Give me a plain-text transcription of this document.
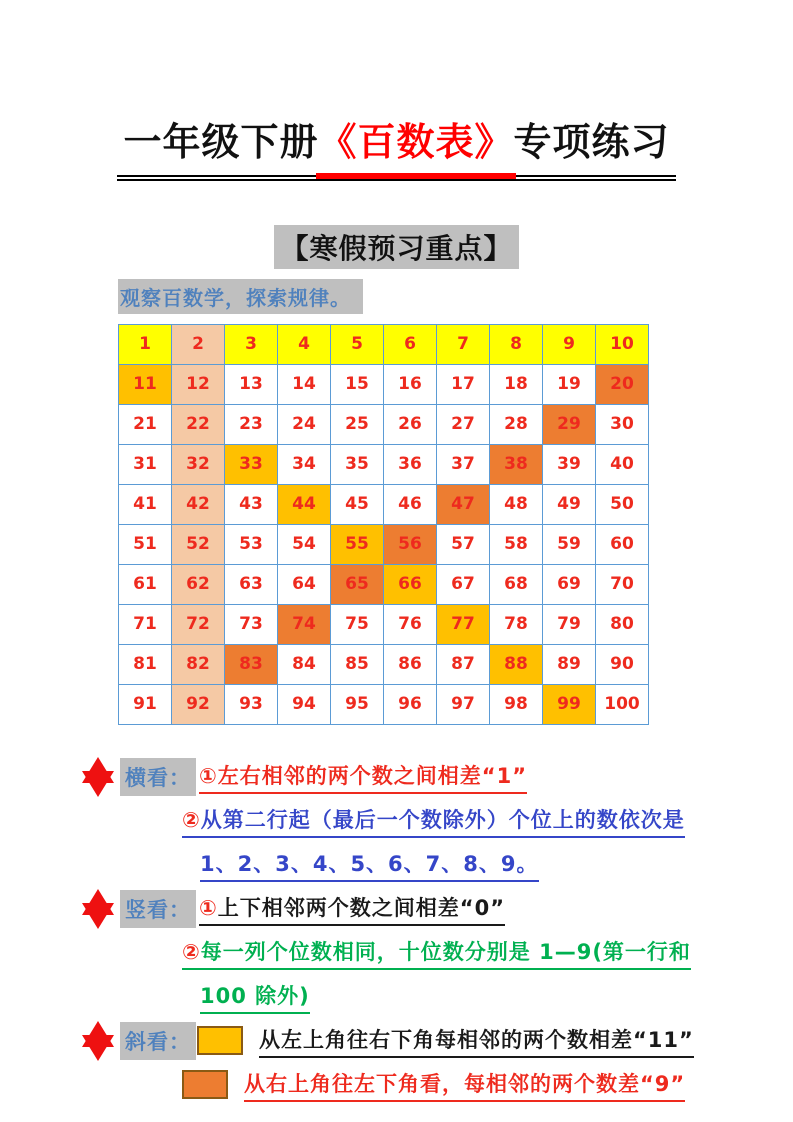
一年级下册《百数表》专项练习
【寒假预习重点】
观察百数学，探索规律。
1	2	3	4	5	6	7	8	9	10
11	12	13	14	15	16	17	18	19	20
21	22	23	24	25	26	27	28	29	30
31	32	33	34	35	36	37	38	39	40
41	42	43	44	45	46	47	48	49	50
51	52	53	54	55	56	57	58	59	60
61	62	63	64	65	66	67	68	69	70
71	72	73	74	75	76	77	78	79	80
81	82	83	84	85	86	87	88	89	90
91	92	93	94	95	96	97	98	99	100
横看： ①左右相邻的两个数之间相差“1”
②从第二行起（最后一个数除外）个位上的数依次是
1、2、3、4、5、6、7、8、9。
竖看： ①上下相邻两个数之间相差“0”
②每一列个位数相同，十位数分别是 1—9(第一行和
100 除外)
斜看：	从左上角往右下角每相邻的两个数相差“11”
从右上角往左下角看，每相邻的两个数差“9”
